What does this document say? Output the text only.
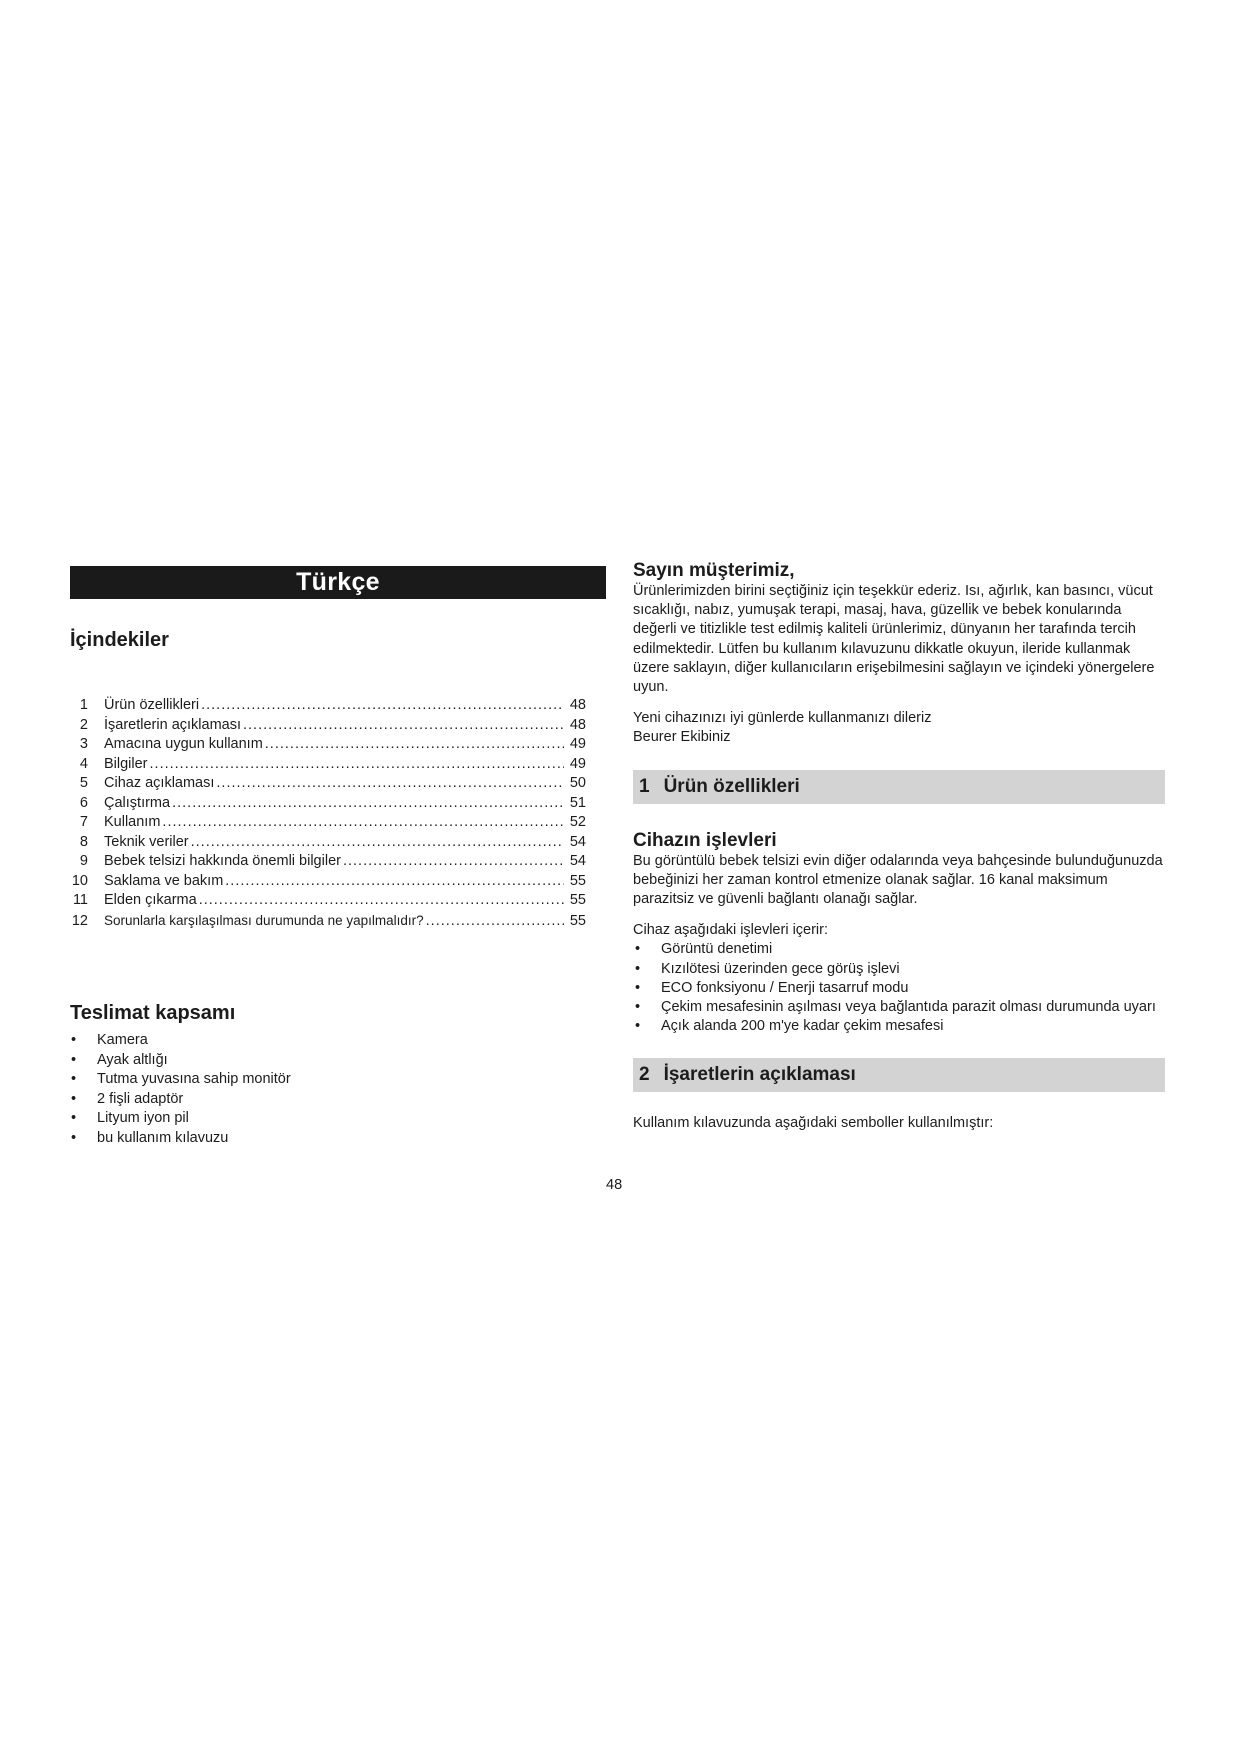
Türkçe
İçindekiler
1 Ürün özellikleri .....	48
2 İşaretlerin açıklaması .....	48
3 Amacına uygun kullanım .....	49
4 Bilgiler .....	49
5 Cihaz açıklaması .....	50
6 Çalıştırma .....	51
7 Kullanım .....	52
8 Teknik veriler .....	54
9 Bebek telsizi hakkında önemli bilgiler .....	54
10 Saklama ve bakım .....	55
11 Elden çıkarma .....	55
12 Sorunlarla karşılaşılması durumunda ne yapılmalıdır? .....	55
Teslimat kapsamı
• Kamera
• Ayak altlığı
• Tutma yuvasına sahip monitör
• 2 fişli adaptör
• Lityum iyon pil
• bu kullanım kılavuzu
Sayın müşterimiz,

Ürünlerimizden birini seçtiğiniz için teşekkür ederiz. Isı, ağırlık, kan basıncı, vücut sıcaklığı, nabız, yumuşak terapi, masaj, hava, güzellik ve bebek konularında değerli ve titizlikle test edilmiş kaliteli ürünlerimiz, dünyanın her tarafında tercih edilmektedir. Lütfen bu kullanım kılavuzunu dikkatle okuyun, ileride kullanmak üzere saklayın, diğer kullanıcıların erişebilmesini sağlayın ve içindeki yönergelere uyun.

Yeni cihazınızı iyi günlerde kullanmanızı dileriz

Beurer Ekibiniz

1 Ürün özellikleri
Cihazın işlevleri

Bu görüntülü bebek telsizi evin diğer odalarında veya bahçesinde bulunduğunuzda bebeğinizi her zaman kontrol etmenize olanak sağlar. 16 kanal maksimum parazitsiz ve güvenli bağlantı olanağı sağlar.

Cihaz aşağıdaki işlevleri içerir:

• Görüntü denetimi
• Kızılötesi üzerinden gece görüş işlevi
• ECO fonksiyonu / Enerji tasarruf modu
• Çekim mesafesinin aşılması veya bağlantıda parazit olması durumunda uyarı
• Açık alanda 200 m'ye kadar çekim mesafesi
2 İşaretlerin açıklaması

Kullanım kılavuzunda aşağıdaki semboller kullanılmıştır:

48
